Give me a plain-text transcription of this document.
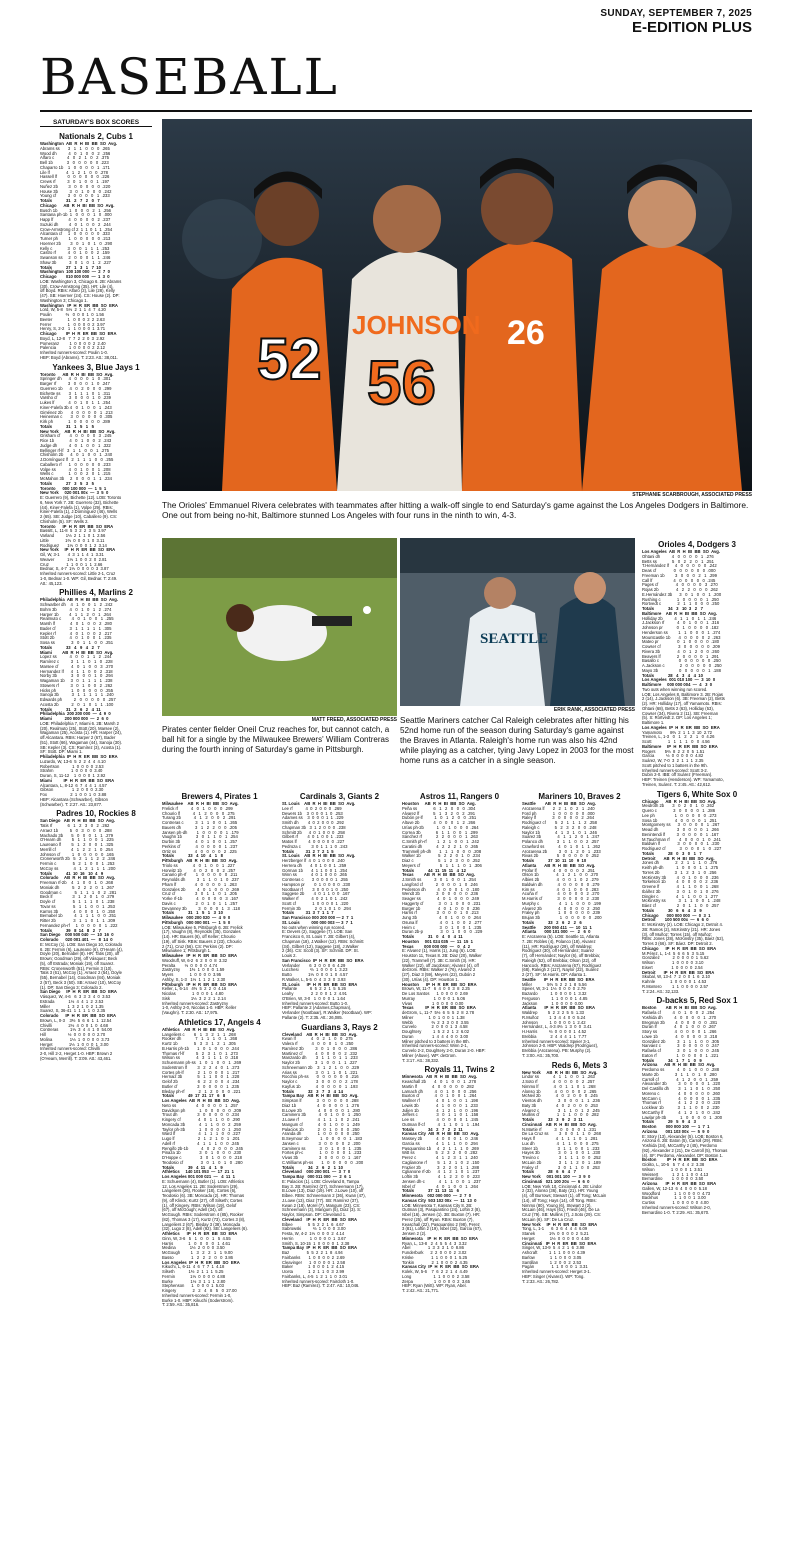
SUNDAY, SEPTEMBER 7, 2025
E-EDITION PLUS
BASEBALL
SATURDAY'S BOX SCORES
Nationals 2, Cubs 1
Washington  AB  R  H  BI  BB  SO  Avg.
Abrams ss       3   1   1   0   0   0  .265
Wood dh          4   0   1   0   0   2  .256
Alfaro c           4   0   2   1   0   2  .375
Bell 1b            3   0   0   0   0   0  .223
Chaparro 1b    1   0   0   0   0   1  .171
Lile lf              4   1   2   1   0   0  .278
Hassell lf         0   0   0   0   0   0  .226
Crews rf          3   0   1   0   0   1  .197
Nuñez 2b         3   0   0   0   0   0  .220
House 3b          3   0   1   0   0   0  .242
Young cf          3   0   0   0   0   1  .233
Totals            31   2   7   2   0   7
Chicago      AB  R  H  BI  BB  SO  Avg.
Busch 1b          1   0   0   0   2   1  .256
Santana ph-1b  1   0   0   0   1   0  .000
Happ lf             4   0   0   0   0   2  .237
Suzuki dh         4   0   1   0   0   2  .244
Crow-Armstrong cf 2  1  1  0  1  1  .254
Alcantara cf     1   0   0   0   0   0  .333
Turner ph         1   0   0   0   0   0  .213
Hoerner 2b        3   0   1   0   1   0  .290
Kelly c             3   0   0   1   1   1  .253
Castro rf          4   0   1   0   0   2  .159
Swanson ss     2   0   0   0   1   1  .246
Shaw 3b           3   0   1   0   1   2  .227
Totals            27   1   3   1   7  10
Washington  100 100 000  —  2  7  0
Chicago        010 000 000  —  1  3  0
LOB: Washington 3, Chicago 6. 2B: Abrams
(30), Crow-Armstrong (35). HR: Lile (4),
off Boyd. RBIs: Alfaro (2), Lile (28), Kelly
(47). SB: Hoerner (24). CS: House (2). DP:
Washington 3; Chicago 1.
Washington   IP  H  R  ER  BB  SO  ERA
Lord, W, 5-8   5⅓  2  1  1  4  7  4.20
Poulin            ⅔   0  0  0  1  0  1.56
Beeter             1   0  0  0  2  2  2.63
Ferrer              1   0  0  0  0  2  3.97
Henry, S, 2-2   1   1  0  0  0  1  3.71
Chicago        IP  H  R  ER  BB  SO  ERA
Boyd, L, 12-8   7  7  2  2  0  3  2.92
Pomeranz         1  0  0  0  0  2  2.40
Palencia           1  0  0  0  0  2  2.12
Inherited runners-scored: Poulin 1-0.
HBP: Boyd (Abrams). T: 2:23. Att.: 38,011.
Yankees 3, Blue Jays 1
Toronto      AB  R  H  BI  BB  SO  Avg.
Springer dh      4   0   0   0   1   0  .301
Barger rf          3   0   0   0   1   0  .247
Guerrero 1b      4   0   2   0   0   0  .299
Bichette ss       3   1   1   1   0   1  .311
Varsho cf          3   0   0   0   1   0  .239
Lukes lf            4   0   1   0   1   1  .254
Kiner-Falefa 3b 4   0   1   0   0   1  .243
Giménez 2b       4   0   0   0   0   1  .213
Heineman c       3   0   0   0   0   0  .305
Kirk ph             1   0   0   0   0   0  .289
Totals            31   1   5   1   5
New York     AB  R  H  BI  BB  SO  Avg.
Grisham cf        4   0   0   0   0   3  .245
Rice 1b             4   0   1   0   0   2  .243
Judge dh          4   0   1   0   0   1  .322
Bellinger rf-lf   3   1   1   0   0   1  .275
Chisholm 2b      4   0   1   0   0   1  .240
J.Domínguez lf   2   1   1   1   0   0  .255
Caballero rf      1   0   0   0   0   0  .233
Volpe ss           4   0   1   0   0   1  .208
Wells c             1   0   0   2   0   1  .215
McMahon 3b     2   0   0   0   1   1  .234
Totals            27   3   5   3   5
Toronto      000 100 000  —  1  5  1
New York     020 001 00x  —  3  5  0
E: Guerrero (9), Bichette (12). LOB: Toronto
6, New York 7. 2B: Guerrero (32), Bichette
(44), Kiner-Falefa (1), Volpe (29). RBIs:
Kiner-Falefa (1), J.Domínguez (46), Wells
2 (65). SB: Judge (10), Caballero (9). CS:
Chisholm (5). SF: Wells 2.
Toronto      IP  H  R  ER  BB  SO  ERA
Bassitt, L, 11-8  5  3  2  2  3  5  3.97
Varland          1⅓  2  1  1  0  1  2.56
Little              1⅔  0  0  0  1  0  3.11
Rodriguez       1⅓  0  0  0  1  2  3.14
New York     IP  H  R  ER  BB  SO  ERA
Gil, W, 3-1       4  3  1  1  4  1  3.31
Weaver           1⅓  1  0  0  2  0  2.81
Cruz               1  1  0  0  1  1  2.66
Bednar, S, 4-7  1⅓  0  0  0  0  3  3.87
Inherited runners-scored: Little 2-1, Cruz
1-0, Bednar 1-0. WP: Gil, Bednar. T: 2:49.
Att.: 45,123.
Phillies 4, Marlins 2
Philadelphia  AB  R  H  BI  BB  SO  Avg.
Schwarber dh    4   1   0   0   1   2  .242
Bohm 3b           4   0   1   0   1   2  .274
Harper 1b         4   1   1   2   0   1  .264
Realmuto c         4   0   1   0   0   1  .255
Marsh lf             4   0   1   0   0   2  .280
Bader cf            3   1   1   1   1   1  .305
Kepler rf            4   0   1   0   0   2  .217
Stott 2b             4   0   1   0   0   1  .235
Sosa ss              3   0   1   1   0   0  .251
Totals            33   4   9   4   2   7
Miami         AB  R  H  BI  BB  SO  Avg.
Lopez ss           4   0   0   1   1   2  .244
Ramírez c          3   1   1   0   1   0  .228
Marsee cf           4   0   1   0   0   3  .270
Hernandez lf      4   1   1   0   0   2  .318
Norby 3b            3   0   0   0   1   0  .294
Wagaman 1b     3   0   1   1   1   1  .238
Stowers rf          3   0   1   0   0   2  .262
Hicks ph             1   0   0   0   0   0  .255
Sanoja 3b           3   1   1   1   1   1  .240
Edwards ph          2   0   0   0   0   0  .257
Acosta 2b           2   0   1   0   1   1  .100
Totals            31   2   6   2   4  11
Philadelphia  200 200 000  —  4  9  0
Miami           200 000 000  —  2  6  0
LOB: Philadelphia 7, Miami 6. 2B: Marsh 2
(20), Realmuto (25), Stott (20), Marsee (2),
Wagaman (25), Acosta (1). HR: Harper (24),
off Alcantara. RBIs: Harper 2 (67), Bader
(51), Stott (66), Wagaman (44), Sanoja (30).
SB: Kepler (3). CS: Ramírez (3), Acosta (1).
SF: Stott. DP: Miami 1.
Philadelphia  IP  H  R  ER  BB  SO  ERA
Luzardo, W, 13-6  5  2  2  4  4  4.10
Robertson           1  0  0  0  0  2.53
Strahm               1  0  0  0  0  3.40
Duran, S, 11-12    1  0  0  0  1  2.92
Miami          IP  H  R  ER  BB  SO  ERA
Alcantara, L, 8-12  6  7  4  4  1  4.57
Gibson                1  2  0  0  0  2.30
Fox                    2  1  0  0  1  0  3.88
HBP: Alcantara (Schwarber), Gibson
(Schwarber). T: 2:27. Att.: 23,877.
Padres 10, Rockies 8
San Diego   AB  R  H  BI  BB  SO  Avg.
Tatis rf             6   1   2   3   0   2  .262
Arraez 1b          5   0   3   0   0   0  .288
Machado 3b       5   0   0   0   1   1  .279
O'Hearn dh         5   1   1   0   0   1  .225
Laureano lf         5   1   2   0   0   1  .325
Merrill cf             4   1   2   2   1   0  .254
Johnson cf          1   0   0   0   0   0  .165
Cronenworth 2b   5   2   1   1   2   2  .246
Fermin c              5   2   1   0   0   1  .253
McCoy ss             4   1   2   1   1   1  .200
Totals            41  10  16   10  4   9
Colorado     AB  R  H  BI  BB  SO  Avg.
Freeman rf-2b    4   1   0   0   1   0  .268
Moniak dh           5   2   2   2   0   1  .267
Goodman c           5   1   1   1   0   2  .281
Beck lf                 3   1   2   0   1   0  .279
Doyle cf               5   1   1   1   0   1  .238
Tovar ss               5   1   1   0   0   1  .253
Karros 3b             4   0   0   0   1   0  .250
Bernabel 1b          4   1   1   1   0   0  .251
Ritter 2b               3   1   1   0   1   1  .209
Fernandez ph-rf     1   0   0   0   0   1  .222
Totals            39   8  14   8   2   7
San Diego    000 500 040  —  10  16  0
Colorado      020 001 401  —   8  14  0
E: McCoy (1). LOB: San Diego 10, Colorado
6. 2B: Fermin (6), Laureano (6), O'Hearn (4),
Doyle (20), Bernabel (8). HR: Tatis (20), off
Brown; Goodman (29), off Vásquez; Beck
(5), off Estrada; Moniak (19), off Suarez.
RBIs: Cronenworth (51), Fermin 3 (10),
Tatis 3 (61), McCoy (1), Arraez 2 (54), Doyle
(55), Bernabel (14), Goodman (84), Moniak
2 (57), Beck 3 (50). SB: Arraez (10), McCoy
(1). DP: San Diego 3; Colorado 2.
San Diego     IP  H  R  ER  BB  SO  ERA
Vásquez, W, 4-6   6  3  3  3  4  0  3.53
Estrada            1⅓  4  4  1  2  2.53
Miller               1  3  2  1  0  2  1.35
Suarez, S, 36-41  1  1  1  1  0  2.35
Colorado      IP  H  R  ER  BB  SO  ERA
Brown, L, 0-3    3⅔  5  6  6  1  1  12.54
Chivilli              2⅓  4  0  0  1  0  4.68
Contreras          1⅓  3  4  4  1  0  54.00
Hill                   ⅓  0  0  0  0  0  2.70
Molina               1⅓  1  0  0  0  0  3.73
Herget              1⅓  1  0  0  0  1  3.00
Inherited runners-scored: Chivilli
2-0, Hill 2-2, Herget 1-0. HBP: Brown 2
(O'Hearn, Merrill). T: 3:09. Att.: 43,461.
52
JOHNSON
56
26
STEPHANIE SCARBROUGH, ASSOCIATED PRESS
The Orioles' Emmanuel Rivera celebrates with teammates after hitting a walk-off single to end Saturday's game against the Los Angeles Dodgers in Baltimore. One out from being no-hit, Baltimore stunned Los Angeles with four runs in the ninth to win, 4-3.
MATT FREED, ASSOCIATED PRESS
Pirates center fielder Oneil Cruz reaches for, but cannot catch, a ball hit for a single by the Milwaukee Brewers' William Contreras during the fourth inning of Saturday's game in Pittsburgh.
SEATTLE
ERIK RANK, ASSOCIATED PRESS
Seattle Mariners catcher Cal Raleigh celebrates after hitting his 52nd home run of the season during Saturday's game against the Braves in Atlanta. Raleigh's home run was also his 42nd while playing as a catcher, tying Javy Lopez in 2003 for the most home runs as a catcher in a single season.
Brewers 4, Pirates 1
Milwaukee    AB  R  H  BI  BB  SO  Avg.
Frelick rf           4   0   1   0   0   0  .299
Chourio lf           4   1   2   0   0   0  .275
Turang 2b           4   1   2   0   0   2  .291
Contreras c          3   1   1   0   0   1  .265
Bauers dh            3   1   2   2   0   0  .205
Jansen ph-dh        1   0   0   0   0   1  .179
Vaughn 1b            3   0   1   1   0   1  .254
Durbin 3b             4   0   1   0   0   1  .257
Perkins cf             4   0   0   0   0   1  .237
Ortiz ss                4   0   0   0   0   2  .225
Totals            33   4  10   4   1   8
Pittsburgh   AB  R  H  BI  BB  SO  Avg.
Triolo ss             4   0   1   0   0   1  .227
Horwitz 1b          4   0   2   0   0   2  .257
Canario ph-rf        1   0   0   0   0   0  .211
Reynolds dh          3   1   1   0   1   0  .237
Pham lf                4   0   0   0   0   1  .263
Gonzales 2b          4   0   1   0   0   0  .269
Cruz cf                 3   0   1   1   0   1  .205
Yorke rf-1b            4   0   0   0   0   3  .167
Davis c                 2   0   1   0   1   1  .257
Devanney 3b          3   0   0   0   1   3  .118
Totals            31   1   5   1   3  10
Milwaukee   000 200 020  —  4  9  0
Pittsburgh   000 000 001  —  1  5  0
LOB: Milwaukee 5, Pittsburgh 6. 2B: Frelick
(17), Vaughn (8), Reynolds (35), Gonzales
(14). HR: Bauers (6), off Keller; Chourio
(19), off Sisk. RBIs: Bauers 2 (23), Chourio
2 (71), Cruz (56). CS: Perkins (2). DP:
Milwaukee 1; Pittsburgh 1.
Milwaukee   IP  H  R  ER  BB  SO  ERA
Woodruff, W, 6-2  6  2  0  0  8  3.32
Peralta        ⅓  0  0  0  0  4.74
Zastryzny        1⅔  1  0  0  0  1.59
Myers              1  0  0  0  0  3.95
Ashby, S, 1-3   1⅓  1  1  2  1  2.30
Pittsburgh   IP  H  R  ER  BB  SO  ERA
Keller, L, 6-14   4⅔  5  2  2  0  4.16
Nicolas              1  0  0  0  1  4.80
Sisk                  1⅓  3  2  2  1  2.14
Inherited runners-scored: Zastryzny
1-0, Ashby 2-0, Nicolas 1-0. HBP: Keller
(Vaughn). T: 2:30. Att.: 17,975.
Athletics 17, Angels 4
Athletics    AB  R  H  BI  BB  SO  Avg.
Langeliers c        6   1   3   2   1   1  .268
Rooker dh            7   1   1   1   0   1  .268
Kurtz 1b              5   3   3   1   2   1  .305
B.Harris ph-1b       1   0   1   0   0   0  .244
Thomas rf-lf          5   2   3   1   0   1  .273
Wilson ss              4   3   1   1   1   0  .318
Schuemann ph-ss   1   0   1   0   0   1  .269
Soderstrom lf         3   2   2   4   0   1  .273
Cortes ph-lf            2   1   0   0   0   1  .217
Hernaiz 3b             5   1   1   0   0   1  .228
Gelof 2b                 6   2   2   0   0   4  .234
Butler cf                 3   0   0   0   0   1  .235
Bleday ph-rf            2   1   2   0   0   0  .221
Totals            49  17  21  17   6   8
Los Angeles  AB  R  H  BI  BB  SO  Avg.
Neto ss                 4   0   0   0   0   1  .257
Davidson ph            1   0   0   0   0   0  .209
Trout dh                 3   0   0   0   0   0  .234
Kingery cf               4   0   1   1   0   0  .290
Moncada 3b            4   1   1   0   0   2  .259
Taylor ph-3b            1   0   0   0   0   1  .250
Ward lf                    4   1   1   1   0   0  .227
Lugo lf                    2   1   2   1   0   1  .201
Adell rf                   4   1   1   1   0   0  .245
Rengifo 2b-1b           4   0   2   0   0   0  .245
Pinaza 1b                3   0   1   0   0   0  .230
D'Hoppe c                3   0   1   0   0   0  .218
Teodosio cf               3   0   1   0   1   0  .280
Totals            39   4  11   4   1   9
Athletics     140 101 053  —  17  21  1
Los Angeles 001 000 021  —   4  11  1
E: Schuemann (4), Butler (1). LOB: Athletics
12, Los Angeles 11. 2B: Soderstrom (29),
Langeliers (26), Rooker (18), Cortes (6),
Teodosio (6). 3B: Moncada (2). HR: Thomas
(9), off Klinck; Kurtz (27), off Silseth; Cortes
(1), off Kingery. RBIs: Wilson (19), Gelof
(67), off McGough; Adell (34), off
McGough. RBIs: Soderstrom 4 (85), Rooker
(82), Thomas 3 (17), Kurtz (73), Cortes 3 (8),
Langeliers 2 (67), Bleday 3 (38), Moncada
(32), Lugo 2 (8), Adell (92). SB: Langeliers (6).
Athletics      IP  H  R  ER  BB  SO  ERA
Ginn, W, 3-6   5   1   0   0   1   5  4.55
Harris             1   0   0   0   0   1  4.61
Medina            1⅓  2  0  0  0  3.50
McGough         1   3   2   2   1   1  9.00
Basso               1   2   2   2   0   0  3.86
Los Angeles  IP  H  R  ER  BB  SO  ERA
Kikuchi, L, 6-11  4  6  7  7  1  4.18
Silseth            1⅔  2  1  1  1  5.25
Fermin             1⅓  0  0  0  0  4.88
Burke               1⅓  3  1  1  1  2.80
Stephenson      1   0  0  0  1  5.03
Kingery              2   2   4   8   5   0  27.00
Inherited runners-scored: Fermin 1-0,
Burke 1-0. HBP: Kikuchi (Soderstrom).
T: 2:59. Att.: 35,816.
Cardinals 3, Giants 2
St. Louis    AB  R  H  BI  BB  SO  Avg.
Lee rf           4  0  2  0  0  0  .269
Dewers 1b    3  0  0  0  1  0  .253
Adames ss    3  0  0  0  1  1  .229
Smith dh        4  0  2  0  0  0  .292
Chapman 3b   3  1  2  0  0  0  .238
Schmitt 2b      4  0  1  0  0  0  .258
Gilbert rf        4  0  1  0  0  1  .233
Matos lf          4  0  0  0  0  0  .227
Pedroza c         3  0  1  1  1  0  .243
Totals          31  2  7  2  1  5
St. Louis    AB  R  H  BI  BB  SO  Avg.
Herzberger lf  4  0  1  0  0  0  .240
Herrera dh       4  0  1  0  0  1  .259
Gorman 1b       4  1  1  0  0  1  .254
Winn ss            4  0  1  0  0  0  .265
Contreras c       3  0  0  0  0  1  .255
Hampson pr        0  1  0  0  0  0  .230
Nootbaar rf        3  0  0  0  1  0  .250
Saggese 2b        4  0  1  1  0  0  .167
Walker rf           4  0  2  1  0  1  .242
Scott cf              1  0  0  0  0  1  .220
Fermin 3b            2  0  1  0  1  0  .294
Totals          31  3  7  1  1  7
San Francisco 000 200 000 — 2  7  1
St. Louis          000 000 003 — 3  7  1
No outs when winning run scored.
E: Devers (2), Saggese (7). LOB: San
Francisco 6, St. Louis 7. 2B: Gilbert (4),
Chapman (18), J.Walker (12). RBIs: Schmitt
(34), Gilbert (12), Saggese (18), J.Walker
2 (36). CS: Scott (3). SF: Schmitt. DP: St.
Louis 2.
San Francisco  IP  H  R  ER  BB  SO  ERA
Verlander        6  3  0  0  0  6  4.29
Lucchesi          ⅔  1  0  0  0  1  3.23
Butto              1⅓  0  0  0  1  0  4.57
R.Walker, L, 5-5  0  4  3  3  0  3.93
St. Louis      IP  H  R  ER  BB  SO  ERA
Pallante           6  5  2  2  1  5  5.26
Leahy               2  2  0  0  1  2  4.91
O'Brien, W, 3-0   1  0  0  0  1  1.64
Inherited runners-scored: Butto 1-0.
HBP: Pallante 2 (Adames,Chapman),
Verlander (Nootbaar), R.Walker (Nootbaar). WP:
Pallante (2). T: 2:35. Att.: 26,085.
Guardians 3, Rays 2
Cleveland    AB  R  H  BI  BB  SO  Avg.
Kwan lf             4   0   2   1   0   0  .275
Valera rf            4   0   0   0   1   0  .250
Ramírez 3b          3   0   1   0   0   0  .286
Martinez cf           4   0   0   0   0   2  .232
Manzardo dh        3   1   1   0   1   1  .233
Naylor 2b             3   1   0   0   1   1  .227
Schneemann 2b    3   1   2   1   0   0  .229
Arias ss                3   0   1   1   0   1  .221
Rocchio ph-ss       0   0   0   0   0   0  .216
Naylor c                3   0   0   0   0   2  .178
Kayfus 1b             4   0   0   0   0   1  .193
Totals            32   3   7   3   4  14
Tampa Bay   AB  R  H  BI  BB  SO  Avg.
Simpson lf             3   0   0   0   0   0  .288
Diaz 1b                  4   0   0   0   0   1  .276
B.Lowe 2b              4   0   0   0   0   1  .280
Caminero 3b           4   0   1   0   0   1  .250
J.Lowe rf                4   1   1   1   0   2  .241
Mangum cf             4   0   1   0   0   1  .249
Palacios 1b            2   0   1   0   0   0  .250
Aranda dh              1   0   0   0   0   0  .250
B.Seymour 1b          1   0   0   0   0   1  .183
Jansen c                 3   0   0   0   0   2  .200
Caminero ss            3   0   1   0   0   1  .235
Fortes ph-c              1   0   0   0   0   1  .233
Vivas 3b                  3   0   0   0   0   1  .167
C.Williams ph-ss       1   0   0   0   0   0  .200
Totals            34   2   6   2   1  10
Cleveland    000 200 001  —  3  7  0
Tampa Bay   000 011 000  —  2  6  1
E: Palacios (1). LOB: Cleveland 8, Tampa
Bay 3. 2B: Ramírez (27), Schneemann (17),
B.Lowe (13), Diaz (19). HR: J.Lowe (10), off
Bibee. RBIs: Schneemann 2 (36), Kwan (47),
J.Lowe (13), Diaz (77). SB: Ramírez (37),
Kwan 2 (18), Morel (7), Mangum (23). CS:
Schneemann (3), Mangum (5), Diaz (3). S:
Naylor, Simpson. DP: Cleveland 1.
Cleveland    IP  H  R  ER  BB  SO  ERA
Bibee             5  5  2  2  1  6  4.67
Sabrowski          ⅔  1  0  0  0  3.00
Festa, W, 4-2  1⅓  0  0  0  2  4.14
Herrin              1  0  0  0  0  1  3.67
Smith, S, 10-15  1  0  0  0  0  1  2.38
Tampa Bay  IP  H  R  ER  BB  SO  ERA
Baz               5  5  2  2  1  8  4.94
Fairbanks       1  0  0  0  0  2  2.69
Cleavinger      1  0  0  0  0  1  2.58
Baker             1  0  0  0  1  2  4.15
Uceta             1  2  1  1  0  3  2.99
Fairbanks, L, 4-5  1  2  1  1  0  3.01
Inherited runners-scored: Faircloth 1-0.
HBP: Baz (Ramírez). T: 2:47. Att.: 10,046.
Astros 11, Rangers 0
Houston     AB  R  H  BI  BB  SO  Avg.
Peña ss              6   1   2   0   0   0  .304
Alvarez lf            5   1   3   2   0   2  .291
Dubón pr-lf          1   0   1   2   0   0  .251
Altuve 2b            4   0   0   0   1   2  .266
Urías ph-2b           1   0   1   0   0   0  .264
Correa 3b             6   1   1   0   0   1  .299
Sánchez rf            2   2   0   0   0   1  .263
C.Smith ph-rf         1   2   1   0   0   1  .242
Caratini dh            4   2   2   2   1   0  .265
Trammell ph-dh       1   1   1   0   0   0  .208
Walker 1b               5   2   2   0   1   0  .234
Diaz c                     5   1   2   3   0   0  .252
Meyers cf                 5   1   1   1   0   1  .306
Totals            44  11  15  11   4  12
Texas         AB  R  H  BI  BB  SO  Avg.
J.Smith ss           3   0   1   0   0   1  .254
Langford cf           2   0   0   0   1   0  .246
Pederson dh          4   0   0   0   1   0  .180
Wendt 2b              3   0   0   0   0   0  .236
Seager ss              4   0   1   0   0   0  .249
Haggerty cf             3   0   1   0   0   0  .231
Burger 1b               4   0   1   0   0   0  .236
Harris rf                 3   0   0   0   1   0  .213
Jung 3b                   4   0   1   0   0   0  .264
Osuna lf                   4   0   1   0   0   2  .277
Heim c                     3   0   1   0   0   1  .235
Duran 2b-p               3   0   1   0   0   0  .229
Totals            31   0   4   0   4  11
Houston     001 024 035  —  11  15  1
Texas         000 000 000  —   0   4  2
E: Alvarez (1), Harris (1), Jung (6). LOB:
Houston 11, Texas 8. 2B: Diaz (20), Walker
(22), Trammell (7). 3B: C.Smith (3). HR:
Walker (22), off Jacobson; Alvarez (4), off
deGrom. RBIs: Walker 2 (76), Alvarez 2
(27), Diaz 3 (59), Meyers (22), Dubón 2
(30), Urías (4). DP: Houston 1.
Houston      IP  H  R  ER  BB  SO  ERA
Brown, W, 11-7   6  4  0  0  3  8  2.25
De Los Santos      1  0  0  0  0  2.69
Murray                1  0  0  0  1  5.06
Vivas                 1  0  0  0  0  0.00
Texas          IP  H  R  ER  BB  SO  ERA
deGrom, L, 11-7  5⅓  6  5  5  2  8  2.78
Milner             1  0  1  0  0  1  1.38
Webb                ⅔  2  3  3  0  0  3.55
Curvelo             2  0  0  0  1  3  4.58
Doughtery          1  5  2  2  1  2  6.02
Duran                1  4  4  4  0  0  3.00
Milner pitched to 3 batters in the 8th.
Inherited runners-scored: Winn 2-1,
Curvelo 2-2, Doughtery 2-0, Duran 2-0. HBP:
Milner (Altuve). WP: deGrom.
T: 3:17. Att.: 38,332.
Royals 11, Twins 2
Minnesota   AB  R  H  BI  BB  SO  Avg.
Keaschall 2b       4   0   1   0   0   1  .278
Martin lf             4   0   0   0   0   0  .282
Larnach dh          4   0   1   0   0   0  .256
Buxton cf             4   0   1   0   0   1  .264
Wallner rf              4   0   1   0   0   1  .198
Lewis 3b               4   1   0   0   0   1  .233
Julien 1b               4   1   2   1   0   0  .196
Jeffers c                3   0   1   1   0   1  .158
Lee ss                   4   0   0   0   0   1  .245
Outman lf-cf           4   1   1   0   1   1  .194
Totals            34   2   7   2   2  11
Kansas City  AB  R  H  BI  BB  SO  Avg.
Massey 2b            4   0   0   0   1   0  .246
Garcia ss              4   1   1   1   0   0  .294
Pasquantino 1b     4   2   1   1   1   0  .269
Witt ss                  5   2   3   2   0   0  .282
Perez c                 4   1   2   3   1   1  .240
Caglianone rf         5   1   2   1   0   2  .150
Frazier 2b              3   2   2   0   1   1  .288
Cglianone rf-2b      4   1   2   1   0   1  .237
Loftin 3b                 4   1   2   2   0   0  .223
Jensen dh-c            4   1   1   0   0   1  .237
Isbel cf                  4   0   1   0   0   1  .264
Totals            37  11  13  11   6
Minnesota    002 000 000  —  2  7  0
Kansas City  503 102 00x  —  11  13  0
LOB: Minnesota 7, Kansas City 8. 2B:
Outman (3), Pasquantino (24), Loftin 2 (8),
Isbel (16), Jensen (1). 3B: Buxton (7). HR:
Perez (25), off Ryan. RBIs: Buxton (7),
Keaschall (22), Pasquantino 2 (98), Perez
3 (81), Loftin 2 (19), Isbel (32), Garcia (67),
Jensen 2 (2).
Minnesota    IP  H  R  ER  BB  SO  ERA
Ryan, L, 13-8   2  4  5  5  4  3  3.32
Abel               1  3  3  3  1  0  8.86
Funderburk      2  2  0  0  0  2  3.02
Kriske               1  1  0  0  0  1  5.25
Tonkin               2  1  0  0  0  2  4.35
Kansas City  IP  H  R  ER  BB  SO  ERA
Kolek, W, 5-6    7  6  2  2  1  4  4.49
Long                   1  1  0  0  0  2  3.58
Zerpa                  1  0  0  0  0  2  3.65
HBP: Ryan (Witt). WP: Ryan, Abel.
T: 2:42. Att.: 21,771.
Mariners 10, Braves 2
Seattle        AB  R  H  BI  BB  SO  Avg.
Arozarena lf       2   2   1   0   2   1  .240
Ford ph              1   0   0   0   0   0  .000
Raley lf              3   0   0   0   0   2  .264
Rodríguez cf        5   2   1   1   1   2  .258
Raleigh c             5   2   3   2   0   0  .248
Naylor 1b             4   1   3   1   0   1  .246
Suárez 3b              4   1   1   2   0   1  .247
Polanco dh            3   1   1   0   0   2  .257
Crawford ss            4   0   1   0   1   1  .262
Arozarena 2b          3   0   1   2   0   1  .233
Rivas 2b                5   0   0   0   0   0  .252
Totals            37  10  11  10   9  10
Atlanta       AB  R  H  BI  BB  SO  Avg.
Profar lf              4   0   0   0   0   2  .251
Olson 1b               4   1   2   1   0   0  .270
Albies 2b               4   0   0   1   0   2  .279
Baldwin dh             4   0   0   0   0   0  .279
Kim ss                   4   0   1   0   0   0  .283
Acuña rf                 4   0   0   0   0   2  .270
M.Harris cf             3   0   0   0   0   2  .230
Murphy c                 4   1   1   0   0   0  .199
Alvarez 3b              4   0   0   0   0   2  .250
Fraley ph                1   0   0   0   0   0  .239
Brujan 3b                 1   0   0   0   0   0  .200
Totals            33   2   6   2   2   6
Seattle       200 050 411  —  10  11  1
Atlanta       000 101 000  —   2   6  0
E: Arozarena (5). LOB: Seattle 11, Atlanta
7. 2B: Robles (4), Polanco (18), Alvarez
(11). HR: Rodríguez (29), off Waldrep;
Rodríguez (30), off Hernández; Suárez
(7), off Hernández; Naylor (6), off Brebbia;
Raleigh (52), off Brebbia; Olson (22), off
Hancock. RBIs: Arozarena (67), Rodríguez
(68), Raleigh 2 (117), Naylor (22), Suárez
2 (27). SF: M.Harris. DP: Atlanta 1.
Seattle       IP  H  R  ER  BB  SO  ERA
Miller             5⅔  5  2  2  1  8  5.56
Speier, W, 3-1  1⅓  0  0  0  0  2.79
Bazardo           1  0  0  0  0  1  3.32
Ferguson          1  1  0  0  0  1  4.85
Jackson            1  0  0  0  0  0.00
Atlanta       IP  H  R  ER  BB  SO  ERA
Waldrep         5  2  2  2  5  5  1.33
R.Muñoz         1  3  4  4  0  0  5.24
Johnson          1  0  0  0  0  1  2.42
Hernández, L, 4-3 4⅔  1  3  0  0  3.41
H.Harris          ⅔  0  0  0  0  1  4.52
Brebbia            2  4  4  4  1  1  7.77
Inherited runners-scored: Speier 3-1,
Johnson 2-0. HBP: Waldrep (Rodríguez),
Brebbia (Arozarena). PB: Murphy (2).
T: 3:00. Att.: 35,700.
Reds 6, Mets 3
New York     AB  R  H  BI  BB  SO  Avg.
Lindor ss            4   1   1   0   0   1  .263
J.Soto rf             4   0   0   0   0   2  .257
Nimmo lf             4   0   1   1   0   1  .268
Alonso 1b            4   0   0   0   0   2  .265
McNeil 2b             4   0   2   0   0   0  .245
Vientos dh              3   0   0   0   1   1  .236
Baty 3b                 4   0   2   0   0   0  .253
Alvarez c                3   1   1   0   1   2  .245
Mullins cf               1   1   1   0   0   0  .282
Totals            33   3   9   2   3  11
Cincinnati   AB  R  H  BI  BB  SO  Avg.
N.Martie rf           3   0   0   0   0   1  .231
De La Cruz ss         3   0   0   1   1   0  .268
Hays lf                  4   1   1   1   0   1  .281
Lux dh                   4   1   1   0   0   0  .275
Steer 1b                 3   1   1   0   0   1  .233
Hayes 3b                3   0   1   0   0   1  .230
Trevino c                 3   1   1   1   0   0  .252
McLain 2b               3   1   1   2   0   1  .189
Fraley cf                 3   0   1   1   0   0  .253
Totals            28   6   6   4   7
New York     001 001 100  —  3  9  0
Cincinnati   021 100 20x  —  6  6  0
LOB: New York 10, Cincinnati 4. 2B: Lindor
2 (32), Alonso (36), Baty (21). HR: Young
(4), off Burrows; Stewart (1), off Tong; McLain
(14), off Tong; Hays (14), off Tong. RBIs:
Nimmo (80), Young (6), Stewart 2 (2),
McLain (46), Hays (61), Friedl (46), De La
Cruz (79). SB: Mullins (7), J.Soto (29). CS:
McLain (6). SF: De La Cruz.
New York     IP  H  R  ER  BB  SO  ERA
Tong, L, 1-1      6  3  6  4  4  4  6.09
Stanek            1⅔  0  0  0  0  2  5.21
Herget             1⅓  0  0  0  0  0  4.50
Cincinnati   IP  H  R  ER  BB  SO  ERA
Singer, W, 13-9  5  4  2  1  6  3.98
Ashcraft          1  1  1  0  0  0  4.39
Barlow             1  1  0  0  0  3.05
Santillan          1  2  0  0  2  2.53
Pagán               1  1  0  0  0  1  3.31
Inherited runners-scored: Herget 3-1.
HBP: Singer (Alvarez). WP: Tong.
T: 2:33. Att.: 26,782.
Orioles 4, Dodgers 3
Los Angeles  AB  R  H  BI  BB  SO  Avg.
Ohtani dh          4   0   0   0   0   1  .276
Betts ss             5   0   2   2   0   1  .251
T.Hernández lf     4   0   0   0   0   0  .242
Deas cf               0   0   0   0   0   0  .000
Freeman 1b         3   0   0   0   2   1  .299
Call lf                  4   0   0   0   0   0  .245
Pages cf               4   0   0   0   0   3  .270
Rojas 2b               4   2   2   0   0   0  .262
E.Hernández 3b      3   0   1   0   0   1  .200
Rushing c              1   0   0   0   0   1  .250
Rortvedt c              2   1   1   0   0   0  .250
Totals            34   3   10  3   2   7
Baltimore    AB  R  H  BI  BB  SO  Avg.
Holliday 2b          4   1   1   0   1   1  .246
J.Jackson rf           4   0   1   0   0   1  .316
Johnson pr            0   1   0   0   0   0  .182
Henderson ss         1   1   0   0   0   1  .274
Mountcastle 1b       4   0   0   0   0   2  .263
Mateo pr                0   1   0   0   0   0  .180
Cowser cf               3   0   0   0   0   0  .209
Rivera 3b               4   0   1   2   0   0  .260
Beavers lf              2   0   0   0   0   1  .291
Basallo c                 0   0   0   0   0   0  .250
A.Jackson c             2   0   0   0   0   0  .250
Mayo 3b                  0   0   0   0   0   1  .188
Totals            28   4   3   4   4  10
Los Angeles  001 010 100  —  3  10  0
Baltimore     000 000 004  —  4   3  0
Two outs when winning run scored.
LOB: Los Angeles 8, Baltimore 3. 2B: Rojas
2 (14), J.Jackson (6). 3B: Freeman (2), Betts
(2). HR: Holliday (17), off Yamamoto. RBIs:
Ohtani (68), Betts 2 (63), Holliday (53),
Cowser (34), Rivera 2 (11). SB: Freeman
(5). S: Rortvedt 2. DP: Los Angeles 1;
Baltimore 1.
Los Angeles  IP  H  R  ER  BB  SO  ERA
Yamamoto       8⅔  2  1  1  3  10  2.72
Treinen, L, 1-3   0   1   2   2   1   0  4.26
Scott              1   1   1   1   0   0  4.56
Baltimore     IP  H  R  ER  BB  SO  ERA
Rogers        5⅔  8  2  2  0  5  1.51
Garcia          ⅓  0  0  0  0  0  4.82
Suárez, W, 7-0  3  2  1  1  1  2.35
Scott pitched to 1 batters in the 9th.
Inherited runners-scored: Scott 3-2.
Dubin 2-0. IBB: off Suárez (Freeman).
HBP: Treinen (Henderson). WP: Yamamoto,
Treinen, Suárez. T: 2:45. Att.: 42,612.
Tigers 6, White Sox 0
Chicago      AB  R  H  BI  BB  SO  Avg.
Meidroth 2b       3   0   2   0   1   0  .262
Quero c              3   0   0   0   0   1  .286
Lee ph                 1   0   0   0   0   0  .273
Sosa 1b               4   0   0   0   0   1  .251
Montgomery ss      3   0   0   0   0   1  .267
Mead dh                3   0   0   0   0   1  .266
Benintendi lf          3   0   0   0   0   1  .167
M.Tauchman rf        4   0   0   0   1   0  .241
Baldwin lf               3   0   0   0   0   1  .230
Rodriguez cf            3   0   0   0   1   0  .227
Totals            28   0   3   0   1   7
Detroit       AB  R  H  BI  BB  SO  Avg.
Jones dh              2   2   1   1   1   0  .276
Keith ph-dh           1   0   0   0   1   1  .275
Torres 2b             3   1   2   3   1   0  .256
McKinstry 3b         4   0   1   0   0   0  .236
Torkelson 1b         4   0   0   0   0   2  .236
Greene lf               4   1   1   0   0   1  .268
Ibáñez 3b              3   0   1   0   1   0  .276
Dingler c               4   1   1   0   0   1  .277
McKinstry ss           3   1   1   0   0   1  .248
Báez cf                  2   0   1   1   0   0  .257
Totals            30   6   6   4   3   9
Chicago       000 000 000  —  0  3  1
Detroit        100 500 00x  —  6  6  0
E: McKinstry (2). LOB: Chicago 2, Detroit 4.
2B: Ramos (2), McKinstry (21). HR: Jones
(3), off Muñoz; Torres (15), off Muñoz;
RBIs: Jones (28), McKinstry (35), Báez (52),
Torres 3 (66). SF: Báez. DP: Detroit 2.
Chicago      IP  H  R  ER  BB  SO  ERA
M.Pérez, L, 1-4  5  6  6  5  3  5.15
González           2  0  0  0  0  1  5.62
Wilson               1  0  0  0  0  3.10
Eisert                1  0  0  0  0  2.54
Detroit       IP  H  R  ER  BB  SO  ERA
Skubal, W, 13-4  7  2  0  0  1  6  2.10
Kahnle             1  0  0  0  0  1  4.53
R.Montero         1  1  0  0  0  0  2.57
T: 2:24. Att.: 32,133.
D-backs 5, Red Sox 1
Boston        AB  R  H  BI  BB  SO  Avg.
Rafaela cf          4   0   1   0   0   2  .254
Yoshida dh          4   0   0   0   0   1  .270
Bregman 3b         4   0   0   0   0   0  .281
Duran lf               4   0   1   0   0   0  .267
Story ss               4   0   0   0   0   1  .266
Lowe 1b               4   0   0   0   0   3  .218
González 2b          3   1   1   1   0   0  .305
Narváez c              3   0   0   0   0   0  .247
Rafaela cf              3   0   1   0   0   0  .245
Eaton rf                 1   0   0   0   0   1  .221
Totals            34   1   7   1   0   9
Arizona      AB  R  H  BI  BB  SO  Avg.
Perdomo ss           4   0   1   0   0   0  .288
Marte 2b              3   1   1   0   1   0  .280
Carroll cf               4   1   2   0   0   1  .259
Alexander 3b          3   0   0   0   0   1  .220
Del Castillo dh        3   1   1   0   1   0  .250
Moreno c                4   0   0   0   0   0  .260
McCann c               4   0   0   0   0   1  .235
Thomas rf               4   1   2   2   0   0  .220
Locklear 1b            3   1   1   0   0   2  .230
McCarthy lf             4   1   2   1   0   0  .242
Lawlar ph-3b            1   0   0   0   0   1  .200
Totals            29   5   9   4   3
Boston        000 000 100  —  1  7  1
Arizona       001 103 00x  —  5  9  0
E: Story (13), Alexander (5). LOB: Boston 6,
Arizona 6. 2B: Eaton (5), Carroll (29). RBIs:
Yoshida (34), McCarthy 2 (45), Perdomo
(92), Alexander 2 (21), De Carroll (5), Thomas
(4). SF: Perdomo, Alexander. DP: Boston 1.
Boston         IP  H  R  ER  BB  SO  ERA
Giolito, L, 10-5   5  7  4  4  2  3.38
Wilson              1  0  0  0  1  3.51
Weissert            1  2  1  1  0  0  4.13
Bernardino        1  0  0  0  0  3.50
Arizona       IP  H  R  ER  BB  SO  ERA
Gallen, W, 12-13  6  4  0  0  0  5.18
Woodford            1  1  0  0  0  0  4.73
Backhus              1  1  0  0  1  3.00
Curtiss               1  0  0  0  0  0  4.00
Inherited runners-scored: Wilson 2-0,
Bernardino 1-0. T: 2:29. Att.: 35,670.
